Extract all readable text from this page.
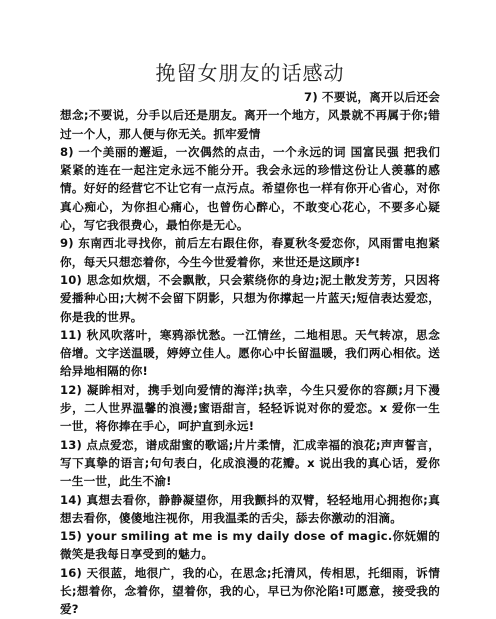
挽留女朋友的话感动
7) 不要说，离开以后还会
想念;不要说，分手以后还是朋友。离开一个地方，风景就不再属于你;错过一个人，那人便与你无关。抓牢爱情
8) 一个美丽的邂逅，一次偶然的点击，一个永远的词 国富民强 把我们紧紧的连在一起注定永远不能分开。我会永远的珍惜这份让人羡慕的感情。好好的经营它不让它有一点污点。希望你也一样有你开心省心，对你真心痴心，为你担心痛心，也曾伤心醉心，不敢变心花心，不要多心疑心，写它我很费心，最怕你是无心。
9) 东南西北寻找你，前后左右跟住你，春夏秋冬爱恋你，风雨雷电抱紧你，每天只想恋着你，今生今世爱着你，来世还是这顾序!
10) 思念如炊烟，不会飘散，只会萦绕你的身边;泥土散发芳芳，只因将爱播种心田;大树不会留下阴影，只想为你撑起一片蓝天;短信表达爱恋，你是我的世界。
11) 秋风吹落叶，寒鸦添忧愁。一江情丝，二地相思。天气转凉，思念倍增。文字送温暖，婷婷立佳人。愿你心中长留温暖，我们两心相依。送给异地相隔的你!
12) 凝眸相对，携手划向爱情的海洋;执幸，今生只爱你的容颜;月下漫步，二人世界温馨的浪漫;蜜语甜言，轻轻诉说对你的爱恋。x 爱你一生一世，将你捧在手心，呵护直到永远!
13) 点点爱恋，谱成甜蜜的歌谣;片片柔情，汇成幸福的浪花;声声誓言，写下真挚的语言;句句表白，化成浪漫的花瓣。x 说出我的真心话，爱你一生一世，此生不渝!
14) 真想去看你，静静凝望你，用我颤抖的双臂，轻轻地用心拥抱你;真想去看你，傻傻地注视你，用我温柔的舌尖，舔去你激动的泪滴。
15) your smiling at me is my daily dose of magic.你妩媚的微笑是我每日享受到的魅力。
16) 天很蓝，地很广，我的心，在思念;托清风，传相思，托细雨，诉情长;想着你，念着你，望着你，我的心，早已为你沦陷!可愿意，接受我的爱?
